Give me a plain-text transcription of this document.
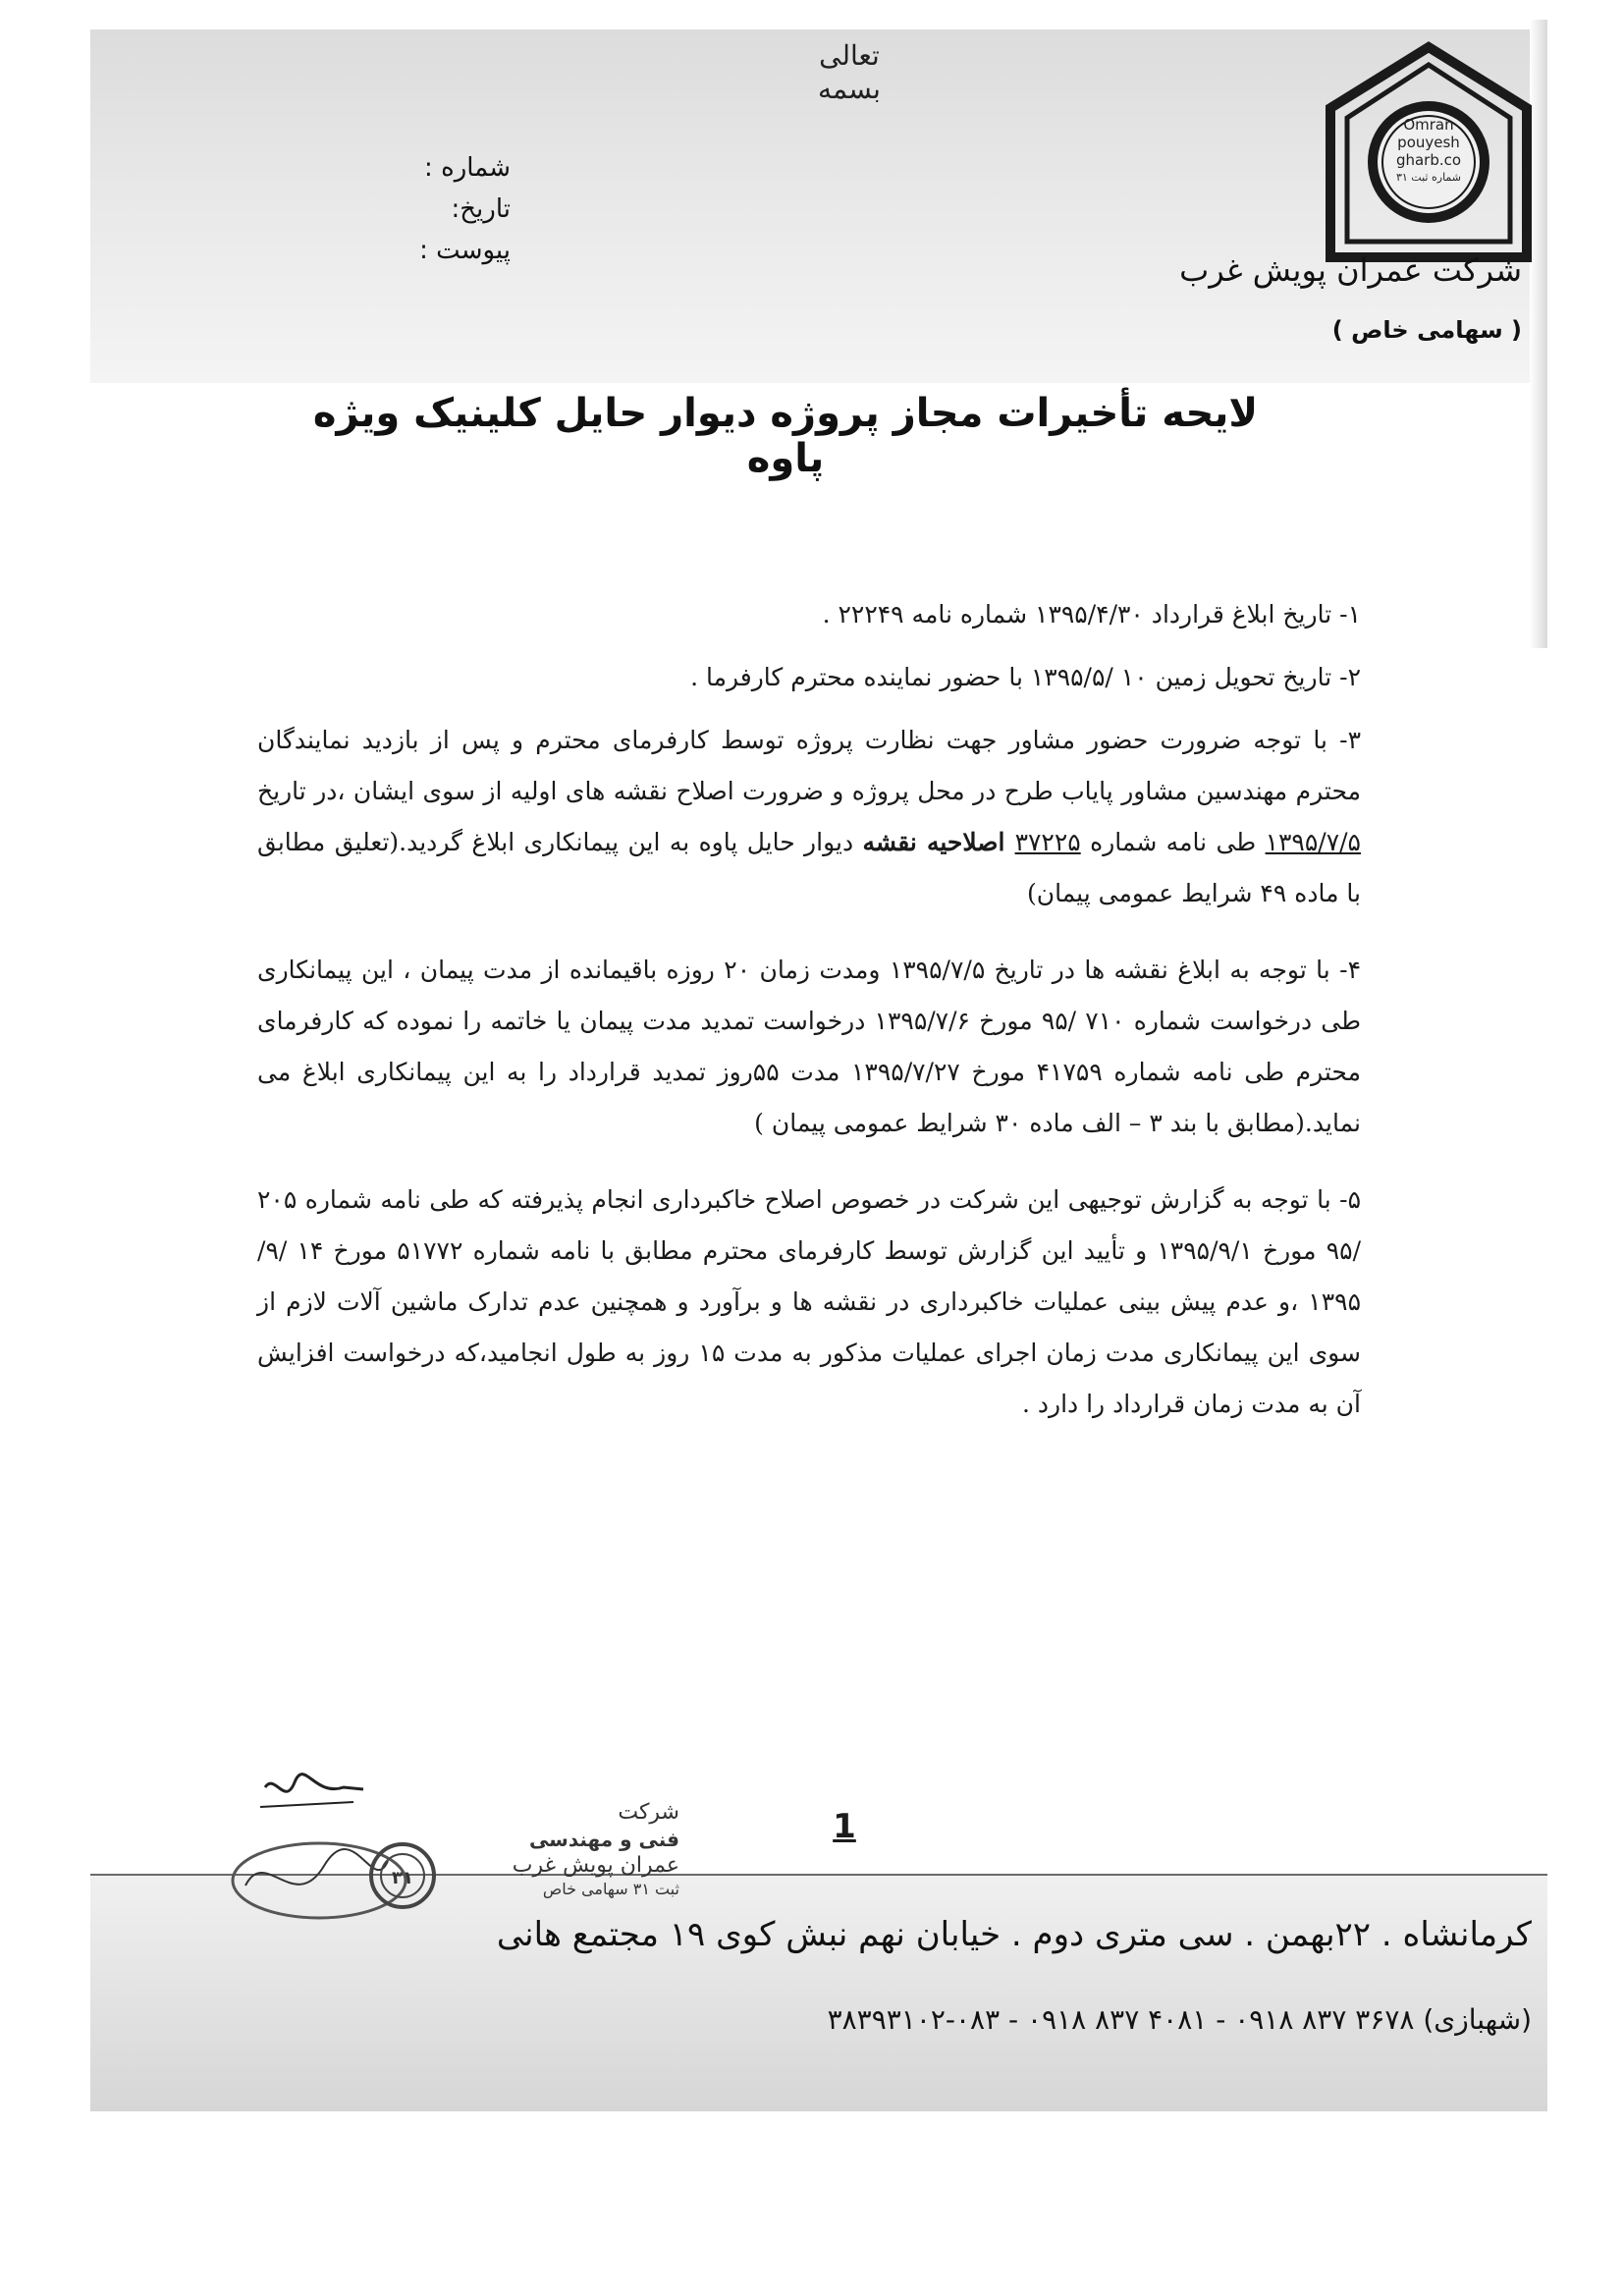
Omran
pouyesh
gharb.co
شماره ثبت ۳۱
تعالی
بسمه
شرکت عمران پویش غرب
( سهامی خاص )
شماره :
تاریخ:
پیوست :
لایحه تأخیرات مجاز پروژه دیوار حایل کلینیک ویژه پاوه

۱- تاریخ ابلاغ قرارداد ۱۳۹۵/۴/۳۰ شماره نامه ۲۲۲۴۹ .

۲- تاریخ تحویل زمین ۱۰ /۱۳۹۵/۵ با حضور نماینده محترم کارفرما .

۳- با توجه ضرورت حضور مشاور جهت نظارت پروژه توسط کارفرمای محترم و پس از بازدید نمایندگان محترم مهندسین مشاور پایاب طرح در محل پروژه و ضرورت اصلاح نقشه های اولیه از سوی ایشان ،در تاریخ ۱۳۹۵/۷/۵ طی نامه شماره ۳۷۲۲۵ اصلاحیه نقشه دیوار حایل پاوه به این پیمانکاری ابلاغ گردید.(تعلیق مطابق با ماده ۴۹ شرایط عمومی پیمان)

۴- با توجه به ابلاغ نقشه ها در تاریخ ۱۳۹۵/۷/۵ ومدت زمان ۲۰ روزه باقیمانده از مدت پیمان ، این پیمانکاری طی درخواست شماره ۷۱۰ /۹۵ مورخ ۱۳۹۵/۷/۶ درخواست تمدید مدت پیمان یا خاتمه را نموده که کارفرمای محترم طی نامه شماره ۴۱۷۵۹ مورخ ۱۳۹۵/۷/۲۷ مدت ۵۵روز تمدید قرارداد را به این پیمانکاری ابلاغ می نماید.(مطابق با بند ۳ – الف ماده ۳۰ شرایط عمومی پیمان )

۵- با توجه به گزارش توجیهی این شرکت در خصوص اصلاح خاکبرداری انجام پذیرفته که طی نامه شماره ۲۰۵ /۹۵ مورخ ۱۳۹۵/۹/۱ و تأیید این گزارش توسط کارفرمای محترم مطابق با نامه شماره ۵۱۷۷۲ مورخ ۱۴ /۹/ ۱۳۹۵ ،و عدم پیش بینی عملیات خاکبرداری در نقشه ها و برآورد و همچنین عدم تدارک ماشین آلات لازم از سوی این پیمانکاری مدت زمان اجرای عملیات مذکور به مدت ۱۵ روز به طول انجامید،که درخواست افزایش آن به مدت زمان قرارداد را دارد .

۳۱
شرکت
فنی و مهندسی
عمران پویش غرب
ثبت ۳۱ سهامی خاص
1
کرمانشاه . ۲۲بهمن . سی متری دوم . خیابان نهم نبش کوی ۱۹ مجتمع هانی
(شهبازی) ۳۶۷۸ ۸۳۷ ۰۹۱۸ - ۴۰۸۱ ۸۳۷ ۰۹۱۸ - ۰۸۳-۳۸۳۹۳۱۰۲
